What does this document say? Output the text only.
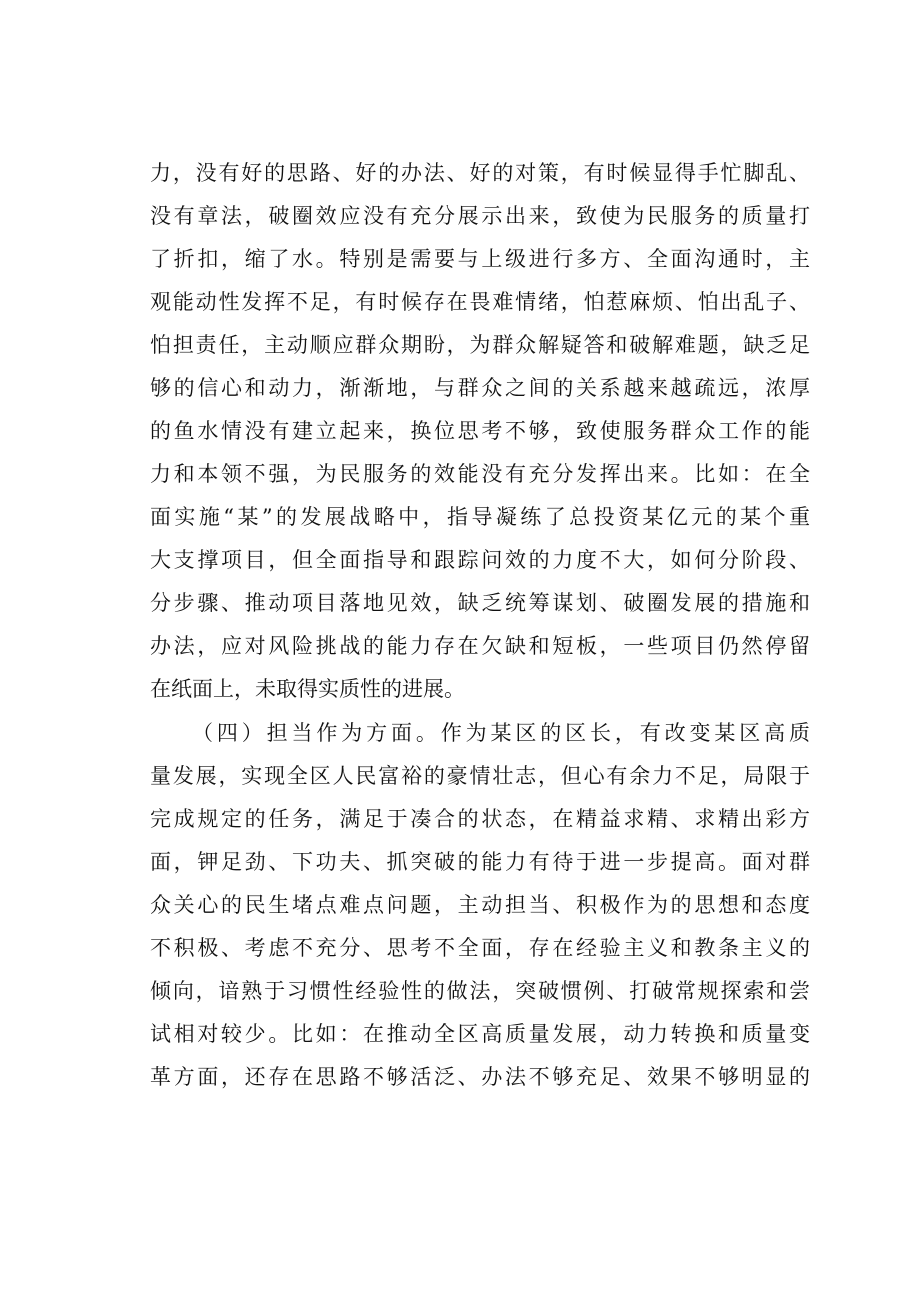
力，没有好的思路、好的办法、好的对策，有时候显得手忙脚乱、
没有章法，破圈效应没有充分展示出来，致使为民服务的质量打
了折扣，缩了水。特别是需要与上级进行多方、全面沟通时，主
观能动性发挥不足，有时候存在畏难情绪，怕惹麻烦、怕出乱子、
怕担责任，主动顺应群众期盼，为群众解疑答和破解难题，缺乏足
够的信心和动力，渐渐地，与群众之间的关系越来越疏远，浓厚
的鱼水情没有建立起来，换位思考不够，致使服务群众工作的能
力和本领不强，为民服务的效能没有充分发挥出来。比如：在全
面实施“某”的发展战略中，指导凝练了总投资某亿元的某个重
大支撑项目，但全面指导和跟踪问效的力度不大，如何分阶段、
分步骤、推动项目落地见效，缺乏统筹谋划、破圈发展的措施和
办法，应对风险挑战的能力存在欠缺和短板，一些项目仍然停留
在纸面上，未取得实质性的进展。
（四）担当作为方面。作为某区的区长，有改变某区高质
量发展，实现全区人民富裕的豪情壮志，但心有余力不足，局限于
完成规定的任务，满足于凑合的状态，在精益求精、求精出彩方
面，钾足劲、下功夫、抓突破的能力有待于进一步提高。面对群
众关心的民生堵点难点问题，主动担当、积极作为的思想和态度
不积极、考虑不充分、思考不全面，存在经验主义和教条主义的
倾向，谙熟于习惯性经验性的做法，突破惯例、打破常规探索和尝
试相对较少。比如：在推动全区高质量发展，动力转换和质量变
革方面，还存在思路不够活泛、办法不够充足、效果不够明显的
